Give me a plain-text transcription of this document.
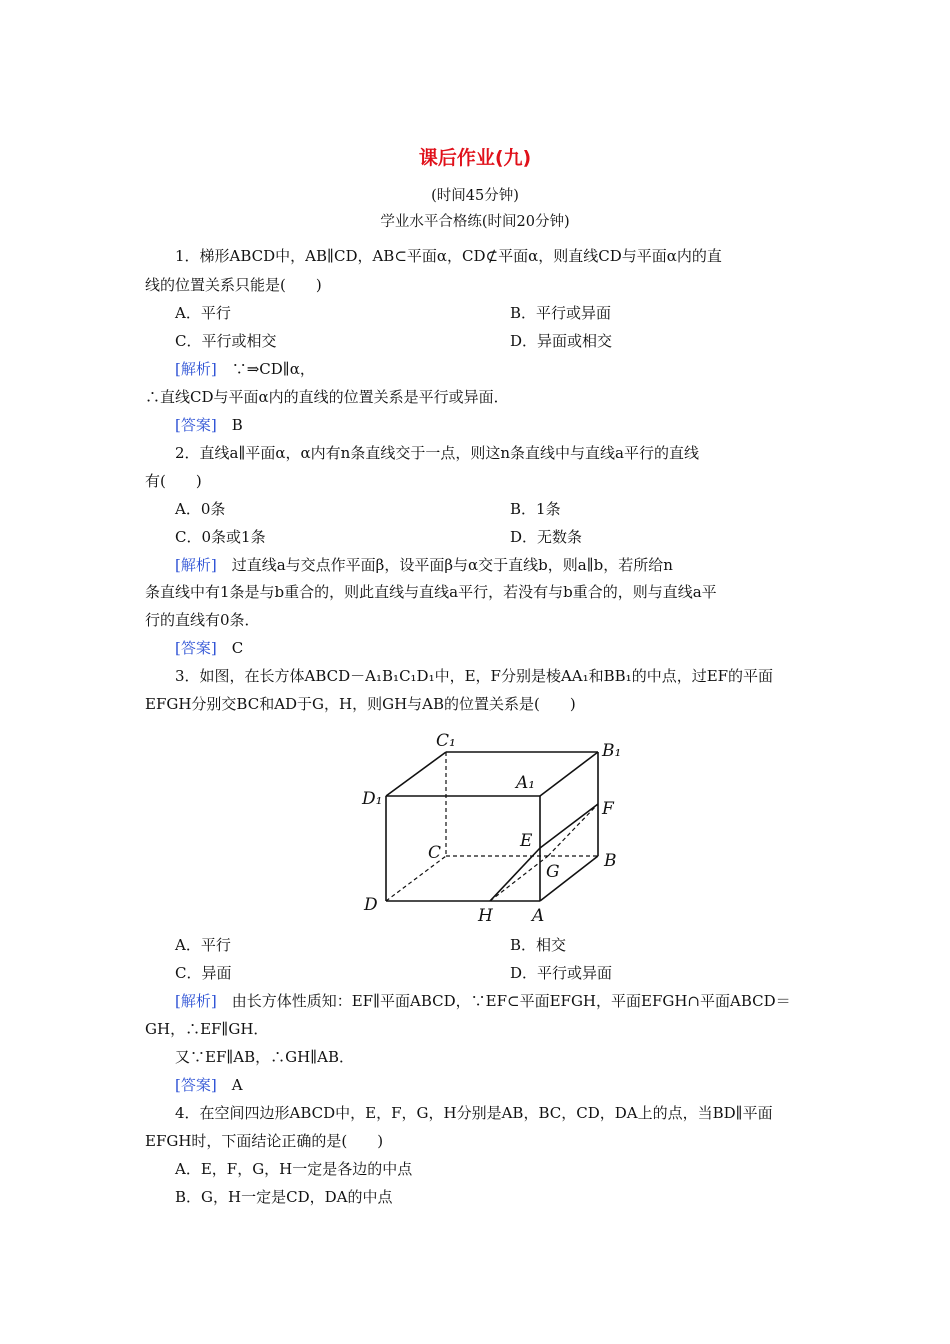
课后作业(九)
(时间45分钟)
学业水平合格练(时间20分钟)
1．梯形ABCD中，AB∥CD，AB⊂平面α，CD⊄平面α，则直线CD与平面α内的直
线的位置关系只能是(　　)
A．平行	B．平行或异面
C．平行或相交	D．异面或相交
[解析]　 ∵⇒CD∥α，
∴直线CD与平面α内的直线的位置关系是平行或异面．
[答案]　 B
2．直线a∥平面α，α内有n条直线交于一点，则这n条直线中与直线a平行的直线
有(　　)
A．0条	B．1条
C．0条或1条	D．无数条
[解析]　 过直线a与交点作平面β，设平面β与α交于直线b，则a∥b，若所给n
条直线中有1条是与b重合的，则此直线与直线a平行，若没有与b重合的，则与直线a平
行的直线有0条．
[答案]　 C
3．如图，在长方体ABCD－A₁B₁C₁D₁中，E，F分别是棱AA₁和BB₁的中点，过EF的平面
EFGH分别交BC和AD于G，H，则GH与AB的位置关系是(　　)
C₁	B₁
A₁
D₁	F
E
C	B
G
D
H A
A．平行	B．相交
C．异面	D．平行或异面
[解析]　 由长方体性质知：EF∥平面ABCD，∵EF⊂平面EFGH，平面EFGH∩平面ABCD＝
GH，∴EF∥GH．
又∵EF∥AB，∴GH∥AB．
[答案]　 A
4．在空间四边形ABCD中，E，F，G，H分别是AB，BC，CD，DA上的点，当BD∥平面
EFGH时，下面结论正确的是(　　)
A．E，F，G，H一定是各边的中点
B．G，H一定是CD，DA的中点
